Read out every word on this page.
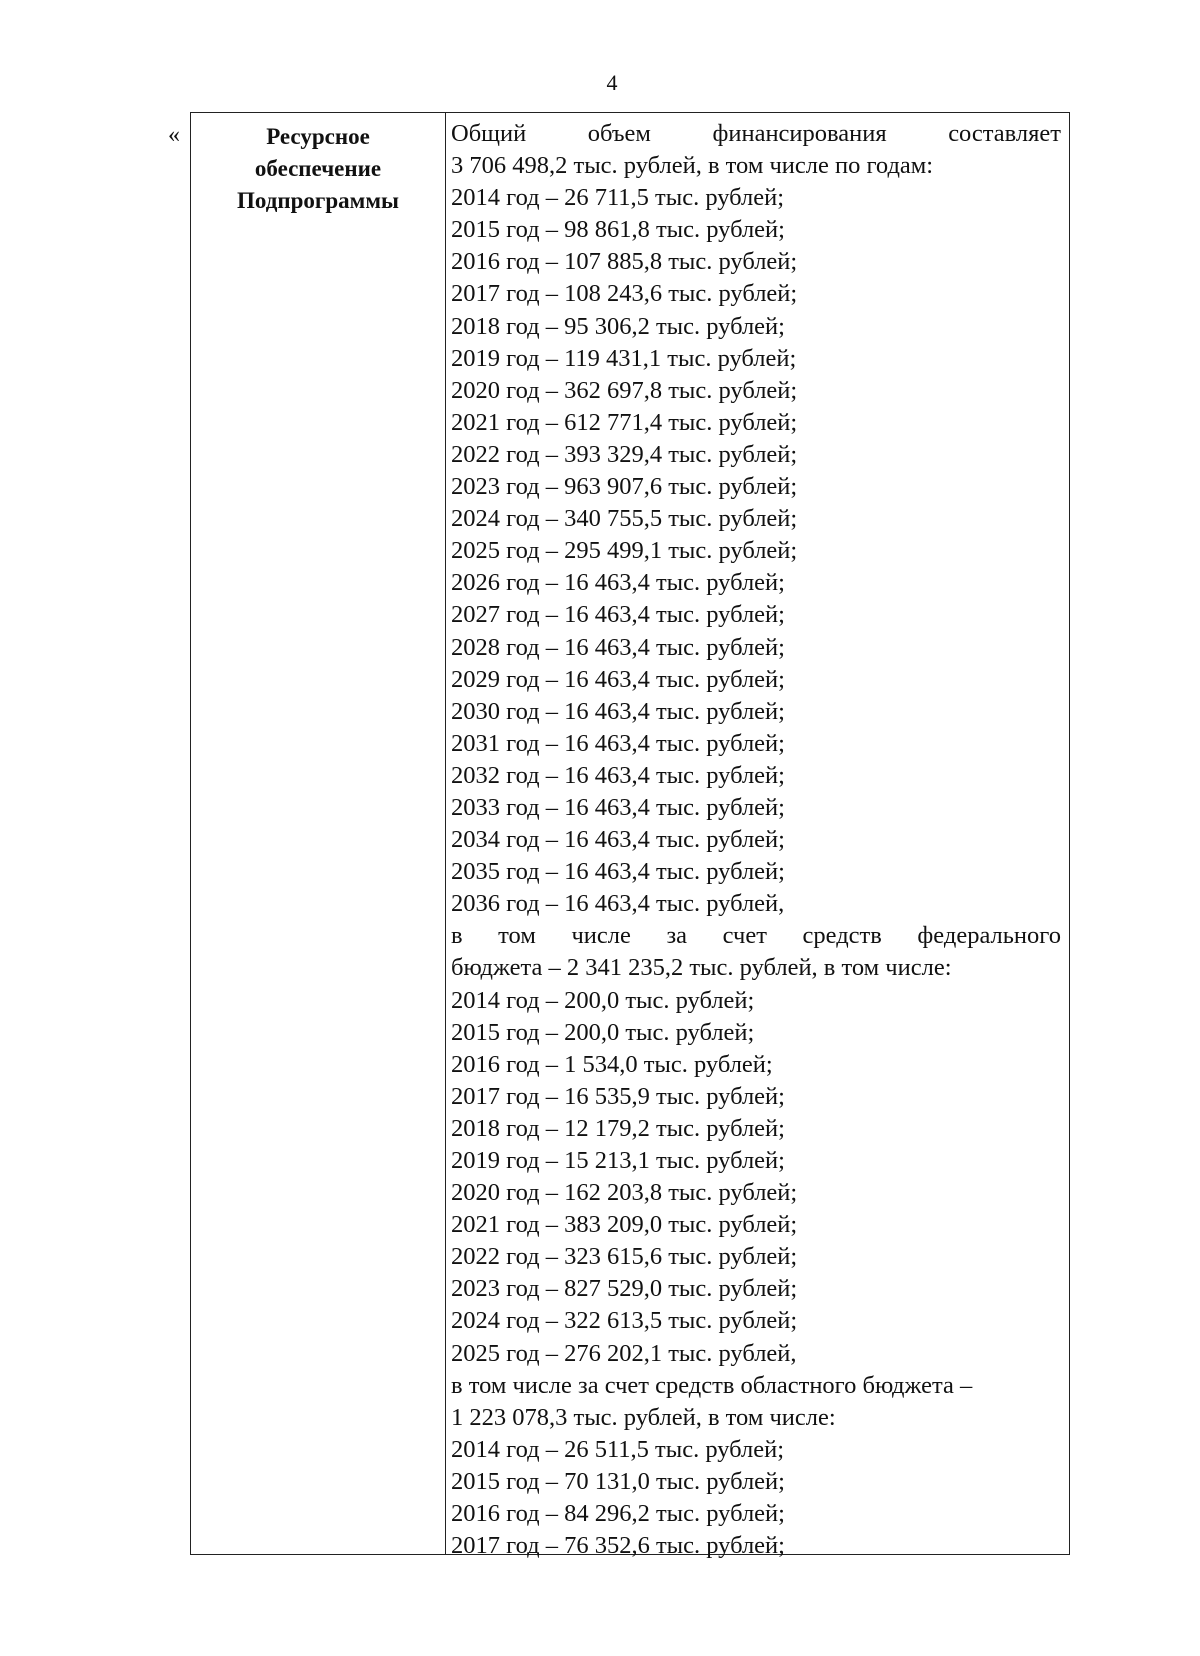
4
«	Ресурсное
обеспечение
Подпрограммы
Общий объем финансирования составляет
3 706 498,2 тыс. рублей, в том числе по годам:
2014 год – 26 711,5 тыс. рублей;
2015 год – 98 861,8 тыс. рублей;
2016 год – 107 885,8 тыс. рублей;
2017 год – 108 243,6 тыс. рублей;
2018 год – 95 306,2 тыс. рублей;
2019 год – 119 431,1 тыс. рублей;
2020 год – 362 697,8 тыс. рублей;
2021 год – 612 771,4 тыс. рублей;
2022 год – 393 329,4 тыс. рублей;
2023 год – 963 907,6 тыс. рублей;
2024 год – 340 755,5 тыс. рублей;
2025 год – 295 499,1 тыс. рублей;
2026 год – 16 463,4 тыс. рублей;
2027 год – 16 463,4 тыс. рублей;
2028 год – 16 463,4 тыс. рублей;
2029 год – 16 463,4 тыс. рублей;
2030 год – 16 463,4 тыс. рублей;
2031 год – 16 463,4 тыс. рублей;
2032 год – 16 463,4 тыс. рублей;
2033 год – 16 463,4 тыс. рублей;
2034 год – 16 463,4 тыс. рублей;
2035 год – 16 463,4 тыс. рублей;
2036 год – 16 463,4 тыс. рублей,
в том числе за счет средств федерального
бюджета – 2 341 235,2 тыс. рублей, в том числе:
2014 год – 200,0 тыс. рублей;
2015 год – 200,0 тыс. рублей;
2016 год – 1 534,0 тыс. рублей;
2017 год – 16 535,9 тыс. рублей;
2018 год – 12 179,2 тыс. рублей;
2019 год – 15 213,1 тыс. рублей;
2020 год – 162 203,8 тыс. рублей;
2021 год – 383 209,0 тыс. рублей;
2022 год – 323 615,6 тыс. рублей;
2023 год – 827 529,0 тыс. рублей;
2024 год – 322 613,5 тыс. рублей;
2025 год – 276 202,1 тыс. рублей,
в том числе за счет средств областного бюджета –
1 223 078,3 тыс. рублей, в том числе:
2014 год – 26 511,5 тыс. рублей;
2015 год – 70 131,0 тыс. рублей;
2016 год – 84 296,2 тыс. рублей;
2017 год – 76 352,6 тыс. рублей;
